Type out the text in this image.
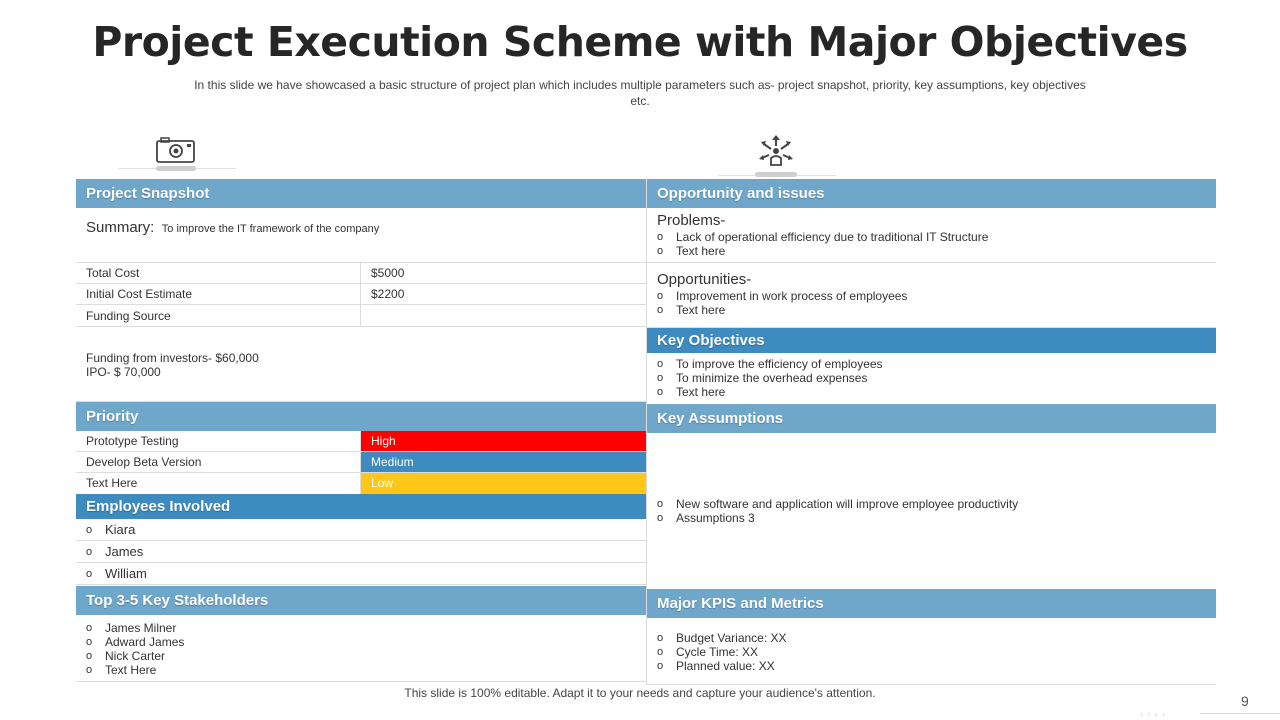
Project Execution Scheme with Major Objectives
In this slide we have showcased a basic structure of project plan which includes multiple parameters such as- project snapshot, priority, key assumptions, key objectives etc.
Project Snapshot
Summary: To improve the IT framework of the company
Total Cost	$5000
Initial Cost Estimate	$2200
Funding Source
Funding from investors- $60,000
IPO- $ 70,000
Priority
Prototype Testing	High
Develop Beta Version	Medium
Text Here	Low
Employees Involved
o Kiara
o James
o William
Top 3-5 Key Stakeholders
o James Milner
o Adward James
o Nick Carter
o Text Here
Opportunity and issues
Problems-
o Lack of operational efficiency due to traditional IT Structure
o Text here
Opportunities-
o Improvement in work process of employees
o Text here
Key Objectives
o To improve the efficiency of employees
o To minimize the overhead expenses
o Text here
Key Assumptions
o New software and application will improve employee productivity
o Assumptions 3
Major KPIS and Metrics
o Budget Variance: XX
o Cycle Time: XX
o Planned value: XX
This slide is 100% editable. Adapt it to your needs and capture your audience's attention.	9
‹‹‹‹
